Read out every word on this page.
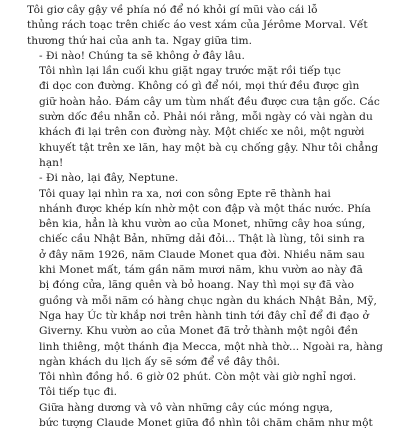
Tôi giơ cây gậy về phía nó để nó khỏi gí mũi vào cái lỗ
thủng rách toạc trên chiếc áo vest xám của Jérôme Morval. Vết
thương thứ hai của anh ta. Ngay giữa tim.

- Đi nào! Chúng ta sẽ không ở đây lâu.

Tôi nhìn lại lần cuối khu giặt ngay trước mặt rồi tiếp tục
đi dọc con đường. Không có gì để nói, mọi thứ đều được gìn
giữ hoàn hảo. Đám cây um tùm nhất đều được cưa tận gốc. Các
sườn dốc đều nhẵn cỏ. Phải nói rằng, mỗi ngày có vài ngàn du
khách đi lại trên con đường này. Một chiếc xe nôi, một người
khuyết tật trên xe lăn, hay một bà cụ chống gậy. Như tôi chẳng
hạn!

- Đi nào, lại đây, Neptune.

Tôi quay lại nhìn ra xa, nơi con sông Epte rẽ thành hai
nhánh được khép kín nhờ một con đập và một thác nước. Phía
bên kia, hẳn là khu vườn ao của Monet, những cây hoa súng,
chiếc cầu Nhật Bản, những dải đỏi... Thật là lùng, tôi sinh ra
ở đây năm 1926, năm Claude Monet qua đời. Nhiều năm sau
khi Monet mất, tám gần năm mươi năm, khu vườn ao này đã
bị đóng cửa, lãng quên và bỏ hoang. Nay thì mọi sự đã vào
guồng và mỗi năm có hàng chục ngàn du khách Nhật Bản, Mỹ,
Nga hay Úc từ khắp nơi trên hành tinh tới đây chỉ để đi đạo ở
Giverny. Khu vườn ao của Monet đã trở thành một ngôi đền
linh thiêng, một thánh địa Mecca, một nhà thờ... Ngoài ra, hàng
ngàn khách du lịch ấy sẽ sớm để về đây thôi.

Tôi nhìn đồng hồ. 6 giờ 02 phút. Còn một vài giờ nghỉ ngơi.

Tôi tiếp tục đi.

Giữa hàng dương và vô vàn những cây cúc móng ngựa,
bức tượng Claude Monet giữa đồ nhìn tôi chăm chăm như một
